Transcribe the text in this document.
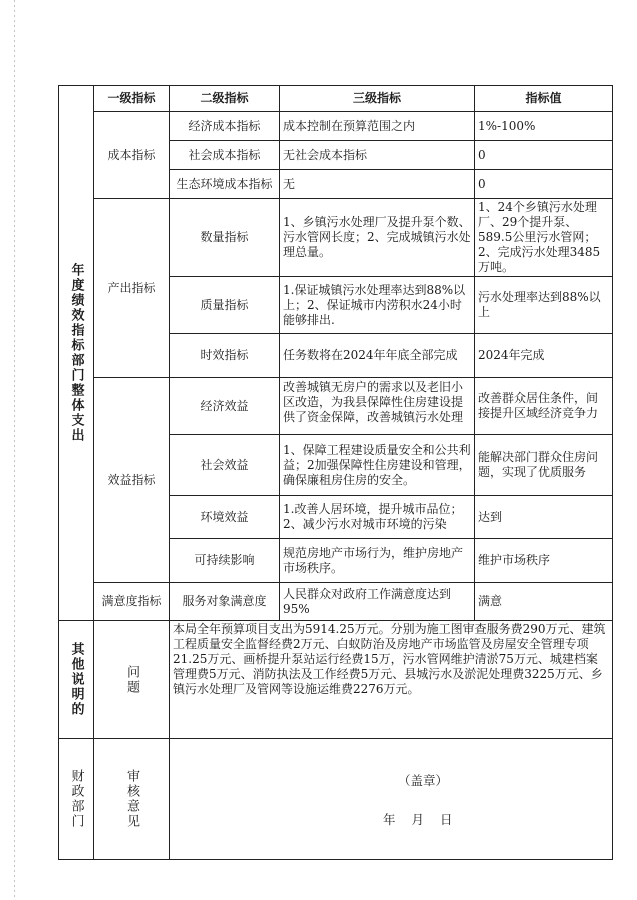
年度绩效指标部门整体支出	一级指标	二级指标	三级指标	指标值
	成本指标	经济成本指标	成本控制在预算范围之内	1%-100%
		社会成本指标	无社会成本指标	0
		生态环境成本指标	无	0
	产出指标	数量指标	1、乡镇污水处理厂及提升泵个数、污水管网长度；2、完成城镇污水处理总量。	1、24个乡镇污水处理厂、29个提升泵、589.5公里污水管网；2、完成污水处理3485万吨。
		质量指标	1.保证城镇污水处理率达到88%以上；2、保证城市内涝积水24小时能够排出.	污水处理率达到88%以上
		时效指标	任务数将在2024年年底全部完成	2024年完成
	效益指标	经济效益	改善城镇无房户的需求以及老旧小区改造，为我县保障性住房建设提供了资金保障，改善城镇污水处理	改善群众居住条件，间接提升区域经济竞争力
		社会效益	1、保障工程建设质量安全和公共利益；2加强保障性住房建设和管理，确保廉租房住房的安全。	能解决部门群众住房问题，实现了优质服务
		环境效益	1.改善人居环境，提升城市品位；2、减少污水对城市环境的污染	达到
		可持续影响	规范房地产市场行为，维护房地产市场秩序。	维护市场秩序
	满意度指标	服务对象满意度	人民群众对政府工作满意度达到95%	满意

其他说明的	问题	本局全年预算项目支出为5914.25万元。分别为施工图审查服务费290万元、建筑工程质量安全监督经费2万元、白蚁防治及房地产市场监管及房屋安全管理专项21.25万元、画桥提升泵站运行经费15万，污水管网维护清淤75万元、城建档案管理费5万元、消防执法及工作经费5万元、县城污水及淤泥处理费3225万元、乡镇污水处理厂及管网等设施运维费2276万元。		

财政部门	审核意见	（盖章）
年 月 日		
